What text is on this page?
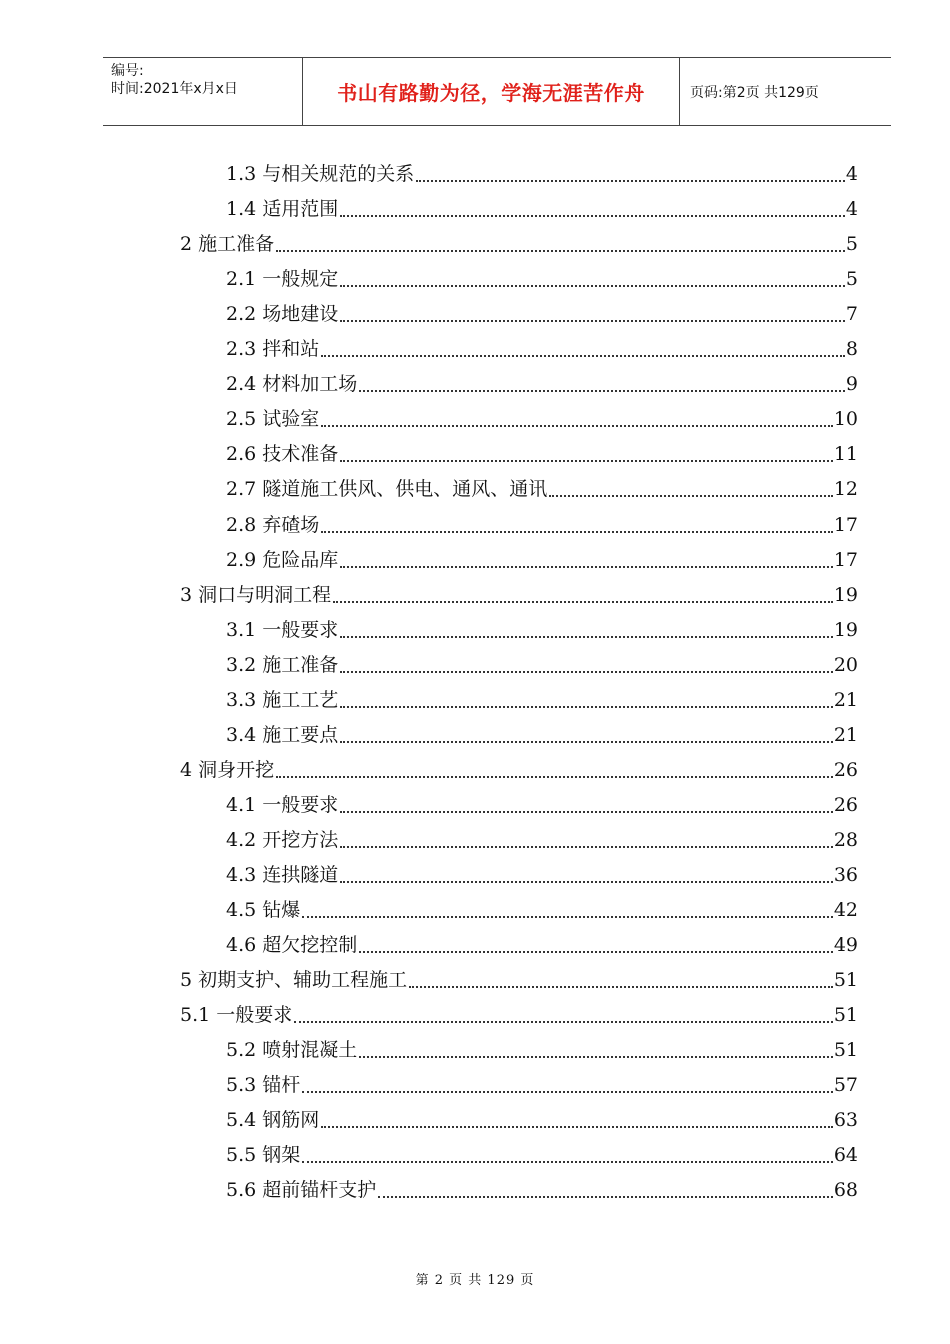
编号:
时间:2021年x月x日	书山有路勤为径，学海无涯苦作舟	页码:第2页 共129页
1.3 与相关规范的关系	4
1.4 适用范围	4
2 施工准备	5
2.1 一般规定	5
2.2 场地建设	7
2.3 拌和站	8
2.4 材料加工场	9
2.5 试验室	10
2.6 技术准备	11
2.7 隧道施工供风、供电、通风、通讯	12
2.8 弃碴场	17
2.9 危险品库	17
3 洞口与明洞工程	19
3.1 一般要求	19
3.2 施工准备	20
3.3 施工工艺	21
3.4 施工要点	21
4 洞身开挖	26
4.1 一般要求	26
4.2 开挖方法	28
4.3 连拱隧道	36
4.5 钻爆	42
4.6 超欠挖控制	49
5 初期支护、辅助工程施工	51
5.1 一般要求	51
5.2 喷射混凝土	51
5.3 锚杆	57
5.4 钢筋网	63
5.5 钢架	64
5.6 超前锚杆支护	68
第 2 页 共 129 页
